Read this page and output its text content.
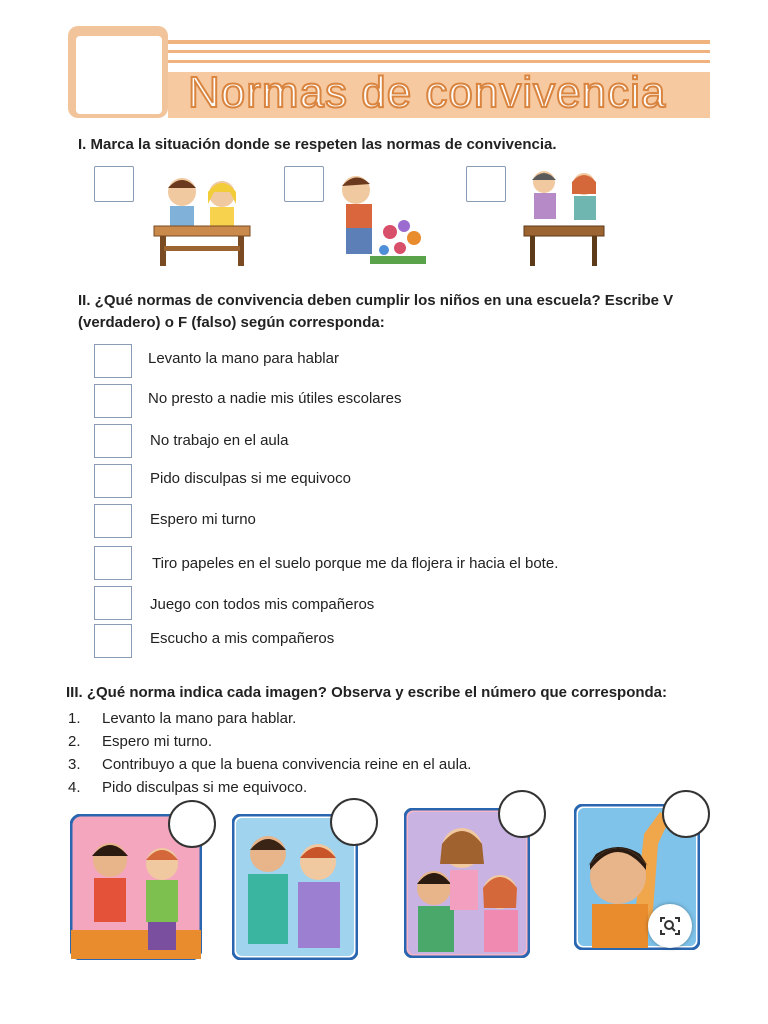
Normas de convivencia
I. Marca la situación donde se respeten las normas de convivencia.
II. ¿Qué normas de convivencia deben cumplir los niños en una escuela? Escribe V
(verdadero) o F (falso) según corresponda:
Levanto la mano para hablar
No presto a nadie mis útiles escolares
No trabajo en el aula
Pido disculpas si me equivoco
Espero mi turno
Tiro papeles en el suelo porque me da flojera ir hacia el bote.
Juego con todos mis compañeros
Escucho a mis compañeros
III. ¿Qué norma indica cada imagen? Observa y escribe el número que corresponda:
1. Levanto la mano para hablar.
2. Espero mi turno.
3. Contribuyo a que la buena convivencia reine en el aula.
4. Pido disculpas si me equivoco.
